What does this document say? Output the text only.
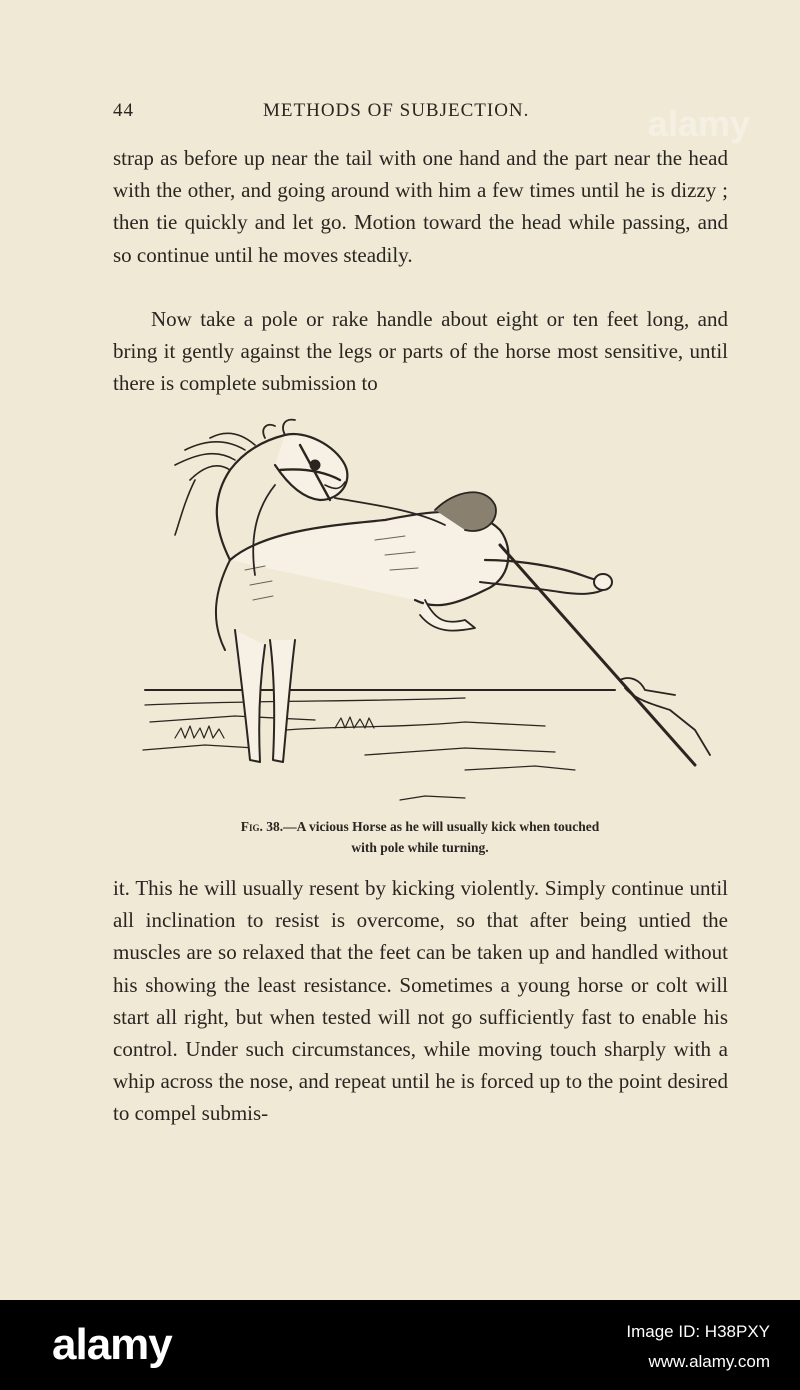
44	METHODS OF SUBJECTION.	alamy

strap as before up near the tail with one hand and the part near the head with the other, and going around with him a few times until he is dizzy ; then tie quickly and let go. Motion toward the head while passing, and so continue until he moves steadily.

Now take a pole or rake handle about eight or ten feet long, and bring it gently against the legs or parts of the horse most sensitive, until there is complete submission to

Fig. 38.—A vicious Horse as he will usually kick when touched
with pole while turning.

it. This he will usually resent by kicking violently. Simply continue until all inclination to resist is overcome, so that after being untied the muscles are so relaxed that the feet can be taken up and handled without his showing the least resistance. Sometimes a young horse or colt will start all right, but when tested will not go sufficiently fast to enable his control. Under such circumstances, while moving touch sharply with a whip across the nose, and repeat until he is forced up to the point desired to compel submis-

alamy	Image ID: H38PXY
www.alamy.com
